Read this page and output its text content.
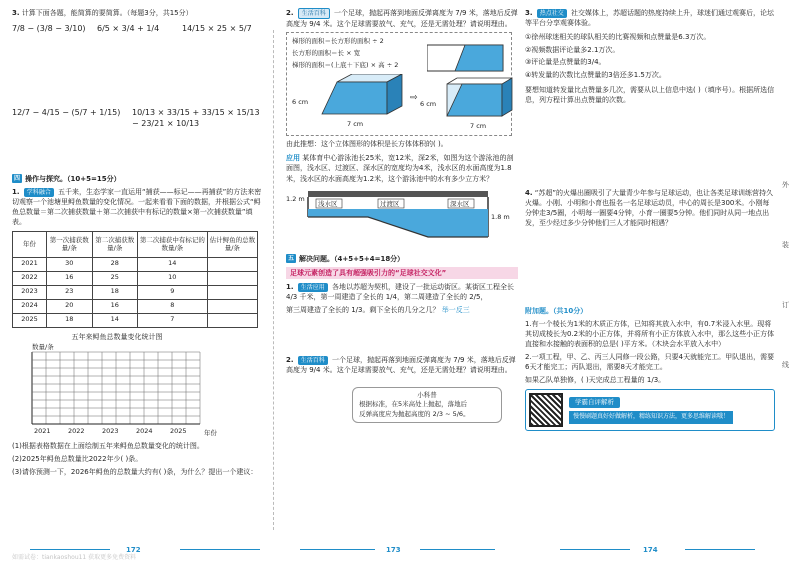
3. 计算下面各题，能简算的要简算。（每题3分，共15分）
7/8 − (3/8 − 3/10)	6/5 × 3/4 + 1/4	14/15 × 25 × 5/7
12/7 − 4/15 − (5/7 + 1/15) 10/13 × 33/15 + 33/15 × 15/13 − 23/21 × 10/13
四 操作与探究。（10+5=15分）
1. 学科融合 五千来，生态学家一直运用“捕获——标记——再捕获”的方法来密切观察一个池塘里鲟鱼数量的变化情况。一起来看看下面的数据，并根据公式“鲟鱼总数量＝第二次捕获数量＋第二次捕获中有标记的数量×第一次捕获数量”填表。
年份	第一次捕获数量/条	第二次捕获数量/条	第二次捕获中有标记的数量/条	估计鲟鱼的总数量/条
2021	30	28	14	
2022	16	25	10	
2023	23	18	9	
2024	20	16	8	
2025	18	14	7	
五年来鲟鱼总数量变化统计图
数量/条
2021	2022	2023	2024	2025	年份
(1)根据表格数据在上面绘制五年来鲟鱼总数量变化的统计图。
(2)2025年鲟鱼总数量比2022年少( )条。
(3)请你预测一下，2026年鲟鱼的总数量大约有( )条，为什么？提出一个建议：
2. 生活百科 一个足球，抛起再落到地面反弹离度为 7/9 米，落地后反弹高度为 9/4 米。这个足球需要放气、充气，还是无需处理？请说明理由。
梯形的面积＝长方形的面积 ÷ 2
长方形的面积＝长 × 宽
梯形的面积＝(上底＋下底) × 高 ÷ 2
6 cm
7 cm
⇨
6 cm
7 cm
由此推想：这个立体图形的体积是长方体体积的( )。
应用 某体育中心游泳池长25米，宽12米，深2米，如图为这个游泳池的剖面图，浅水区、过渡区、深水区的宽度均为4米，浅水区的水面高度为1.8米，浅水区的水面高度为1.2米，这个游泳池中的水有多少立方米？
1.2 m
1.8 m
浅水区	过渡区	深水区
五 解决问题。（4+5+5+4=18分）
足球元素创造了具有超强吸引力的“足球社交文化”
1. 生活应用 各地以苏超为契机，建设了一批运动街区。某街区工程全长 4/3 千米，第一周建造了全长的 1/4，第二周建造了全长的 2/5，
第三周建造了全长的 1/3。剩下全长的几分之几？ 举一反三
2. 生活百科 一个足球，抛起再落到地面反弹离度为 7/9 米，落地后反弹高度为 9/4 米。这个足球需要放气、充气，还是无需处理？请说明理由。
小科普
根据标准，在5米高处上抛起，落地后
反弹高度应为抛起高度的 2/3 ~ 5/6。
3. 热点社交 社交媒体上，苏超话题的热度持续上升，球迷们通过观赛后，论坛等平台分享观赛体验。
①徐州球迷相关的球队相关的比赛视频和点赞量是6.3万次。
②视频数据评论量多2.1万次。
③评论量是点赞量的3/4。
④转发量的次数比点赞量的3倍还多1.5万次。
要想知道转发量比点赞量多几次，需要从以上信息中选( )（填序号）。根据所选信息，列方程计算出点赞量的次数。
4. “苏超”的火爆出圈吸引了大量青少年参与足球运动，也让各类足球训练营持久火爆。小刚、小明和小育也报名一名足球运动员，中心的周长是300米。小刚每分钟走3/5圈，小明每一圈要4分钟，小育一圈要5分钟。他们同时从同一地点出发，至少经过多少分钟他们三人才能同时相遇？
附加题。（共10分）
1.有一个棱长为1米的木质正方体，已知将其放入水中，有0.7米浸入水里。现将其切成棱长为0.2米的小正方体，并将所有小正方体放入水中，那么这些小正方体直接和水接触的表面积的总是( )平方米。（木块会水平放入水中）
2.一项工程，甲、乙、丙三人同修一段公路，只要4天就能完工。甲队退出，需要6天才能完工；丙队退出，需要8天才能完工。
如果乙队单独修，( )天完成总工程量的 1/3。
学霸自评解析
慢慢刷题真好好做解析，精练知识方法，更多思维解读哦！
外
装
订
线
172	173	174
如需试卷：tiankaoshou11 获取更多免费资料
